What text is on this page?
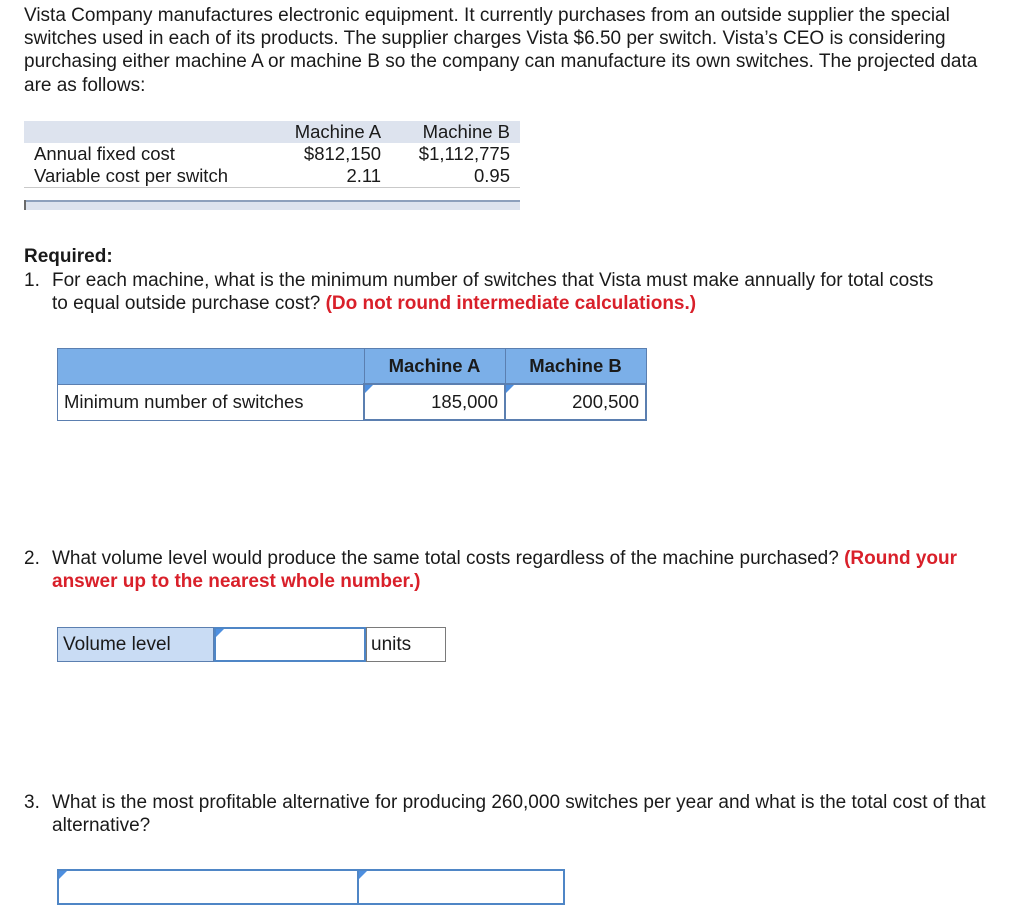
Vista Company manufactures electronic equipment. It currently purchases from an outside supplier the special switches used in each of its products. The supplier charges Vista $6.50 per switch. Vista’s CEO is considering purchasing either machine A or machine B so the company can manufacture its own switches. The projected data are as follows:

	Machine A	Machine B
Annual fixed cost	$812,150	$1,112,775
Variable cost per switch	2.11	0.95

Required:

1. For each machine, what is the minimum number of switches that Vista must make annually for total costs to equal outside purchase cost? (Do not round intermediate calculations.)

	Machine A	Machine B
Minimum number of switches	185,000	200,500

2. What volume level would produce the same total costs regardless of the machine purchased? (Round your answer up to the nearest whole number.)

Volume level	units

3. What is the most profitable alternative for producing 260,000 switches per year and what is the total cost of that alternative?
